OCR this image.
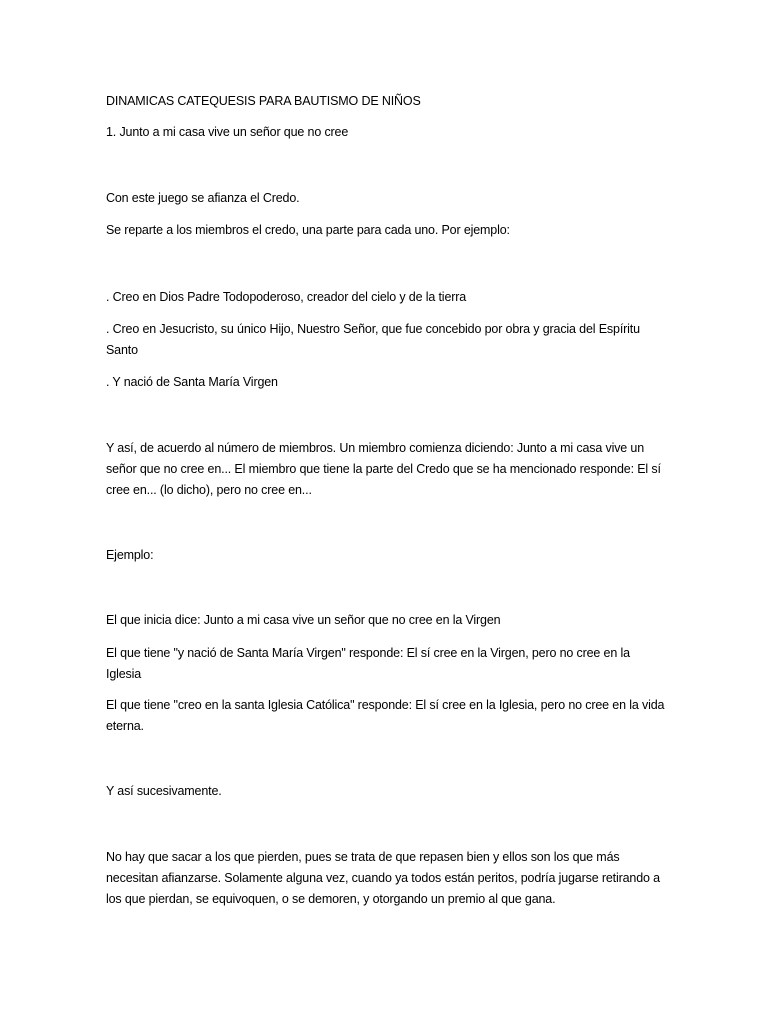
DINAMICAS CATEQUESIS PARA BAUTISMO DE NIÑOS

1. Junto a mi casa vive un señor que no cree

Con este juego se afianza el Credo.

Se reparte a los miembros el credo, una parte para cada uno. Por ejemplo:

. Creo en Dios Padre Todopoderoso, creador del cielo y de la tierra

. Creo en Jesucristo, su único Hijo, Nuestro Señor, que fue concebido por obra y gracia del Espíritu Santo

. Y nació de Santa María Virgen

Y así, de acuerdo al número de miembros. Un miembro comienza diciendo: Junto a mi casa vive un señor que no cree en... El miembro que tiene la parte del Credo que se ha mencionado responde: El sí cree en... (lo dicho), pero no cree en...

Ejemplo:

El que inicia dice: Junto a mi casa vive un señor que no cree en la Virgen

El que tiene "y nació de Santa María Virgen" responde: El sí cree en la Virgen, pero no cree en la Iglesia

El que tiene "creo en la santa Iglesia Católica" responde: El sí cree en la Iglesia, pero no cree en la vida eterna.

Y así sucesivamente.

No hay que sacar a los que pierden, pues se trata de que repasen bien y ellos son los que más necesitan afianzarse. Solamente alguna vez, cuando ya todos están peritos, podría jugarse retirando a los que pierdan, se equivoquen, o se demoren, y otorgando un premio al que gana.
